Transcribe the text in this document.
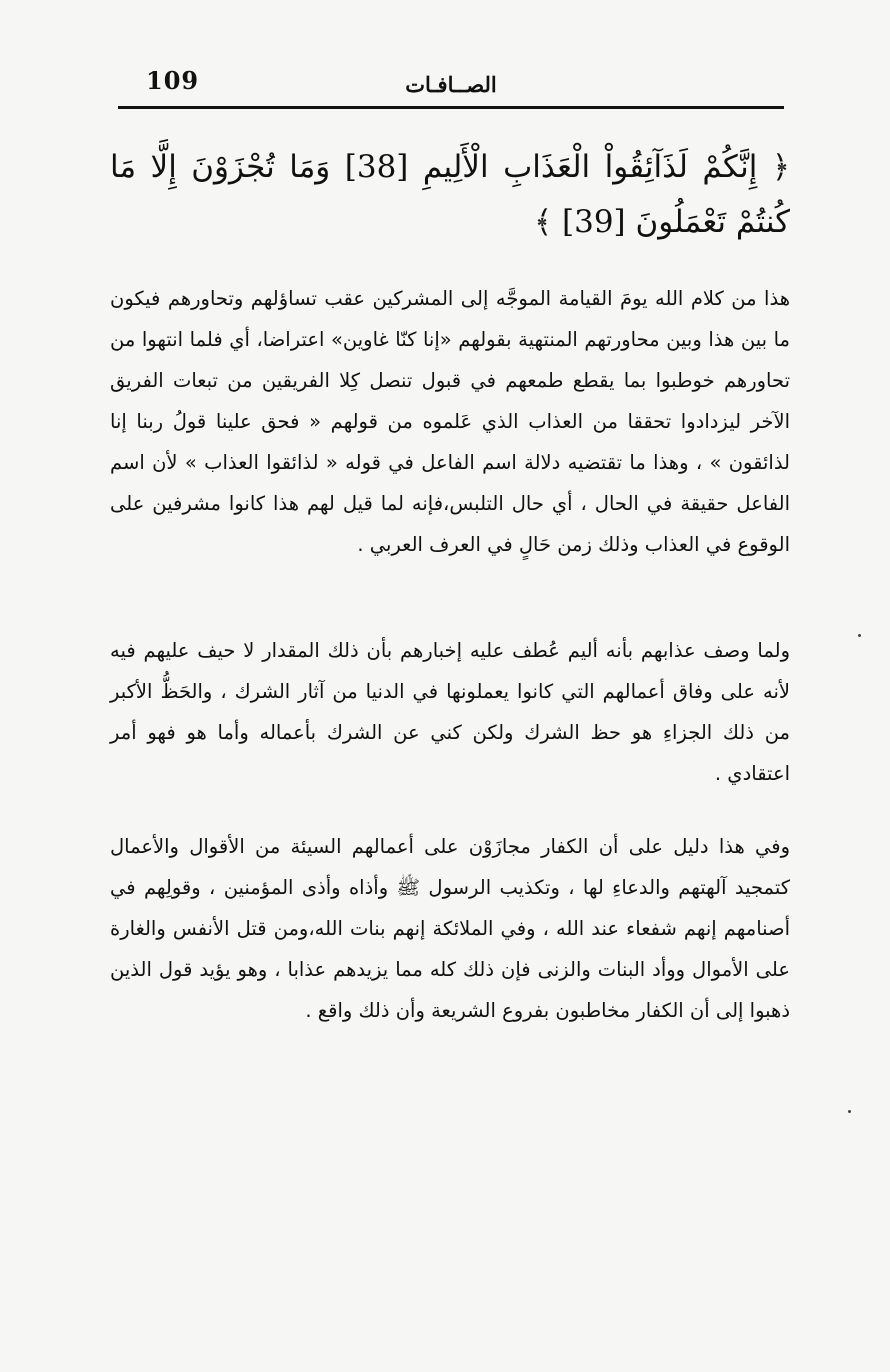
109	الصــافـات
﴿ إِنَّكُمْ لَذَآئِقُواْ الْعَذَابِ الْأَلِيمِ [38] وَمَا تُجْزَوْنَ إِلَّا مَا كُنتُمْ تَعْمَلُونَ [39] ﴾
هذا من كلام الله يومَ القيامة الموجَّه إلى المشركين عقب تساؤلهم وتحاورهم فيكون ما بين هذا وبين محاورتهم المنتهية بقولهم «إنا كنّا غاوين» اعتراضا، أي فلما انتهوا من تحاورهم خوطبوا بما يقطع طمعهم في قبول تنصل كِلا الفريقين من تبعات الفريق الآخر ليزدادوا تحققا من العذاب الذي عَلموه من قولهم « فحق علينا قولُ ربنا إنا لذائقون » ، وهذا ما تقتضيه دلالة اسم الفاعل في قوله « لذائقوا العذاب » لأن اسم الفاعل حقيقة في الحال ، أي حال التلبس،فإنه لما قيل لهم هذا كانوا مشرفين على الوقوع في العذاب وذلك زمن حَالٍ في العرف العربي .
ولما وصف عذابهم بأنه أليم عُطف عليه إخبارهم بأن ذلك المقدار لا حيف عليهم فيه لأنه على وفاق أعمالهم التي كانوا يعملونها في الدنيا من آثار الشرك ، والحَظُّ الأكبر من ذلك الجزاءِ هو حظ الشرك ولكن كني عن الشرك بأعماله وأما هو فهو أمر اعتقادي .
وفي هذا دليل على أن الكفار مجازَوْن على أعمالهم السيئة من الأقوال والأعمال كتمجيد آلهتهم والدعاءِ لها ، وتكذيب الرسول ﷺ وأذاه وأذى المؤمنين ، وقولِهم في أصنامهم إنهم شفعاء عند الله ، وفي الملائكة إنهم بنات الله،ومن قتل الأنفس والغارة على الأموال ووأد البنات والزنى فإن ذلك كله مما يزيدهم عذابا ، وهو يؤيد قول الذين ذهبوا إلى أن الكفار مخاطبون بفروع الشريعة وأن ذلك واقع .
